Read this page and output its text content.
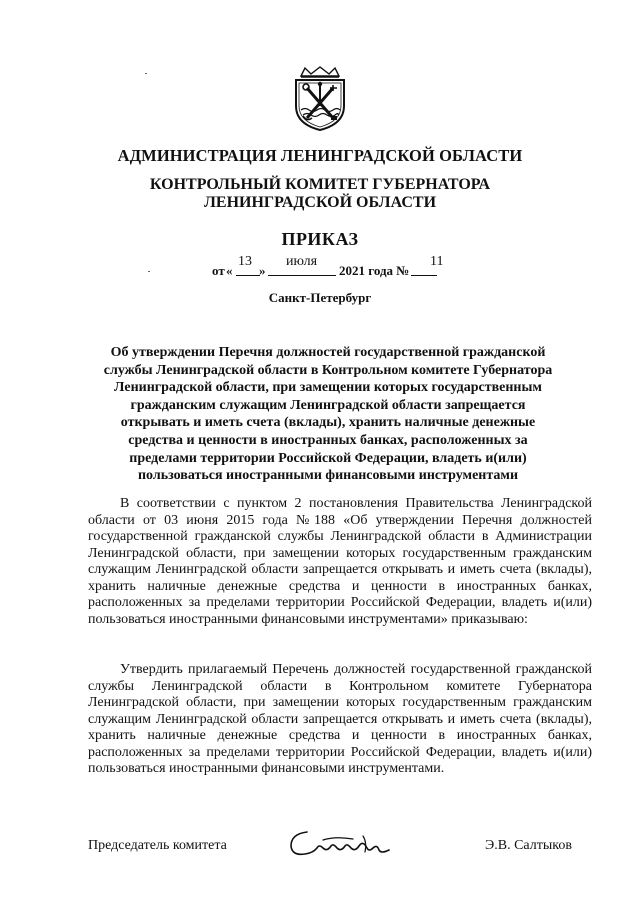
АДМИНИСТРАЦИЯ ЛЕНИНГРАДСКОЙ ОБЛАСТИ
КОНТРОЛЬНЫЙ КОМИТЕТ ГУБЕРНАТОРА
ЛЕНИНГРАДСКОЙ ОБЛАСТИ
ПРИКАЗ
13 июля	11
от « »	2021 года №
Санкт-Петербург
Об утверждении Перечня должностей государственной гражданской службы Ленинградской области в Контрольном комитете Губернатора Ленинградской области, при замещении которых государственным гражданским служащим Ленинградской области запрещается открывать и иметь счета (вклады), хранить наличные денежные средства и ценности в иностранных банках, расположенных за пределами территории Российской Федерации, владеть и(или) пользоваться иностранными финансовыми инструментами
В соответствии с пунктом 2 постановления Правительства Ленинградской области от 03 июня 2015 года №188 «Об утверждении Перечня должностей государственной гражданской службы Ленинградской области в Администрации Ленинградской области, при замещении которых государственным гражданским служащим Ленинградской области запрещается открывать и иметь счета (вклады), хранить наличные денежные средства и ценности в иностранных банках, расположенных за пределами территории Российской Федерации, владеть и(или) пользоваться иностранными финансовыми инструментами» приказываю:
Утвердить прилагаемый Перечень должностей государственной гражданской службы Ленинградской области в Контрольном комитете Губернатора Ленинградской области, при замещении которых государственным гражданским служащим Ленинградской области запрещается открывать и иметь счета (вклады), хранить наличные денежные средства и ценности в иностранных банках, расположенных за пределами территории Российской Федерации, владеть и(или) пользоваться иностранными финансовыми инструментами.
Председатель комитета	Э.В. Салтыков
